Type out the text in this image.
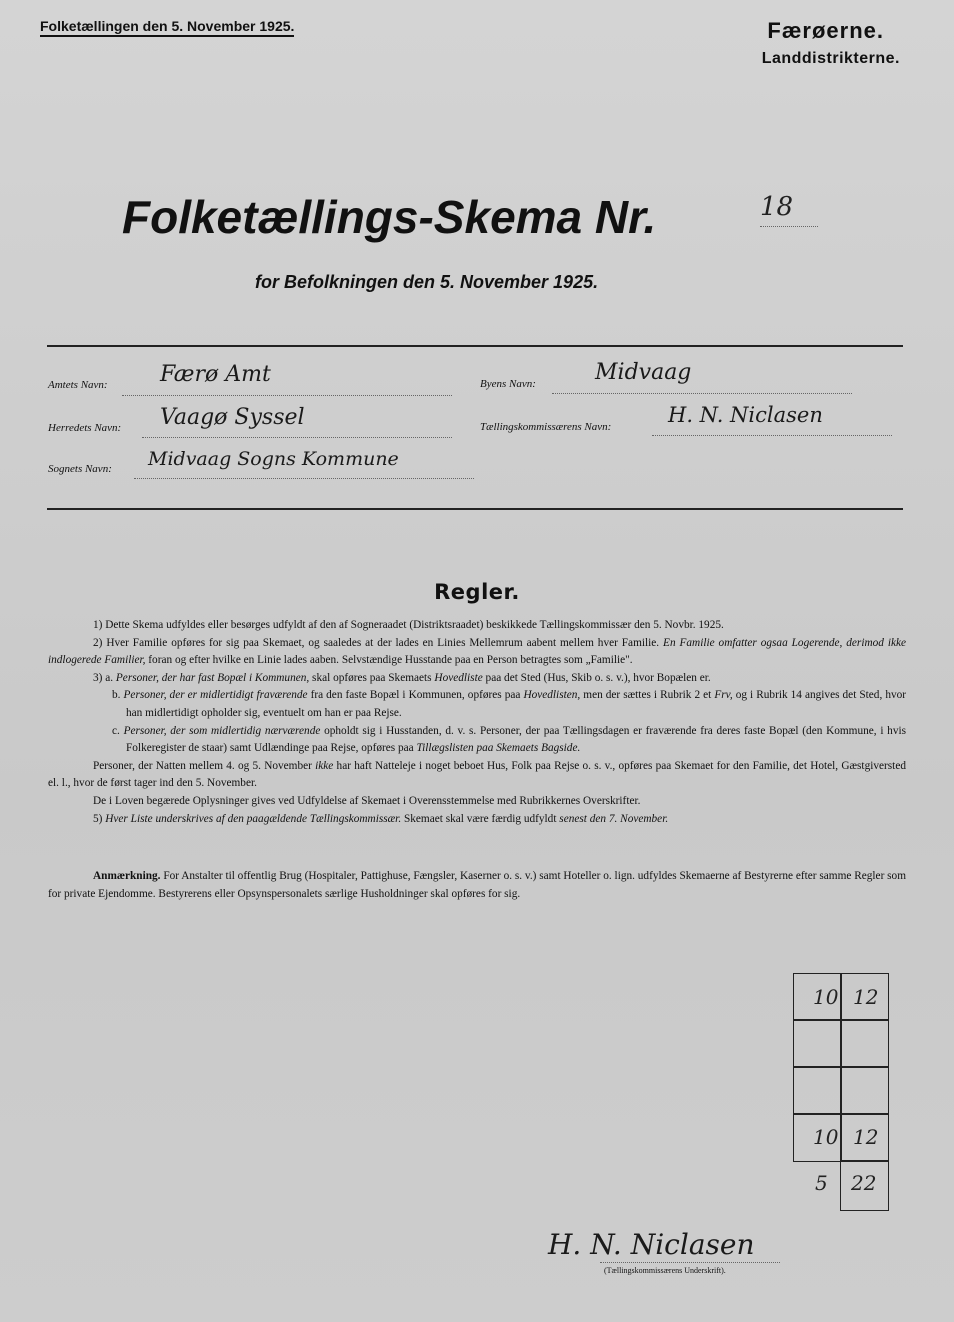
Folketællingen den 5. November 1925.	Færøerne.
Landdistrikterne.
Folketællings-Skema Nr.	18
for Befolkningen den 5. November 1925.
Amtets Navn: Færø Amt
Herredets Navn: Vaagø Syssel
Sognets Navn: Midvaag Sogns Kommune
Byens Navn:	Midvaag
Tællingskommissærens Navn:	H. N. Niclasen
Regler.

1) Dette Skema udfyldes eller besørges udfyldt af den af Sogneraadet (Distriktsraadet) beskikkede Tællingskommissær den 5. Novbr. 1925.

2) Hver Familie opføres for sig paa Skemaet, og saaledes at der lades en Linies Mellemrum aabent mellem hver Familie. En Familie omfatter ogsaa Logerende, derimod ikke indlogerede Familier, foran og efter hvilke en Linie lades aaben. Selvstændige Husstande paa en Person betragtes som „Familie".

3) a. Personer, der har fast Bopæl i Kommunen, skal opføres paa Skemaets Hovedliste paa det Sted (Hus, Skib o. s. v.), hvor Bopælen er.

b. Personer, der er midlertidigt fraværende fra den faste Bopæl i Kommunen, opføres paa Hovedlisten, men der sættes i Rubrik 2 et Frv, og i Rubrik 14 angives det Sted, hvor han midlertidigt opholder sig, eventuelt om han er paa Rejse.

c. Personer, der som midlertidig nærværende opholdt sig i Husstanden, d. v. s. Personer, der paa Tællingsdagen er fraværende fra deres faste Bopæl (den Kommune, i hvis Folkeregister de staar) samt Udlændinge paa Rejse, opføres paa Tillægslisten paa Skemaets Bagside.

Personer, der Natten mellem 4. og 5. November ikke har haft Natteleje i noget beboet Hus, Folk paa Rejse o. s. v., opføres paa Skemaet for den Familie, det Hotel, Gæstgiversted el. l., hvor de først tager ind den 5. November.

De i Loven begærede Oplysninger gives ved Udfyldelse af Skemaet i Overensstemmelse med Rubrikkernes Overskrifter.

5) Hver Liste underskrives af den paagældende Tællingskommissær. Skemaet skal være færdig udfyldt senest den 7. November.

Anmærkning. For Anstalter til offentlig Brug (Hospitaler, Pattighuse, Fængsler, Kaserner o. s. v.) samt Hoteller o. lign. udfyldes Skemaerne af Bestyrerne efter samme Regler som for private Ejendomme. Bestyrerens eller Opsynspersonalets særlige Husholdninger skal opføres for sig.
10 12
10 12
5 22
H. N. Niclasen
(Tællingskommissærens Underskrift).
